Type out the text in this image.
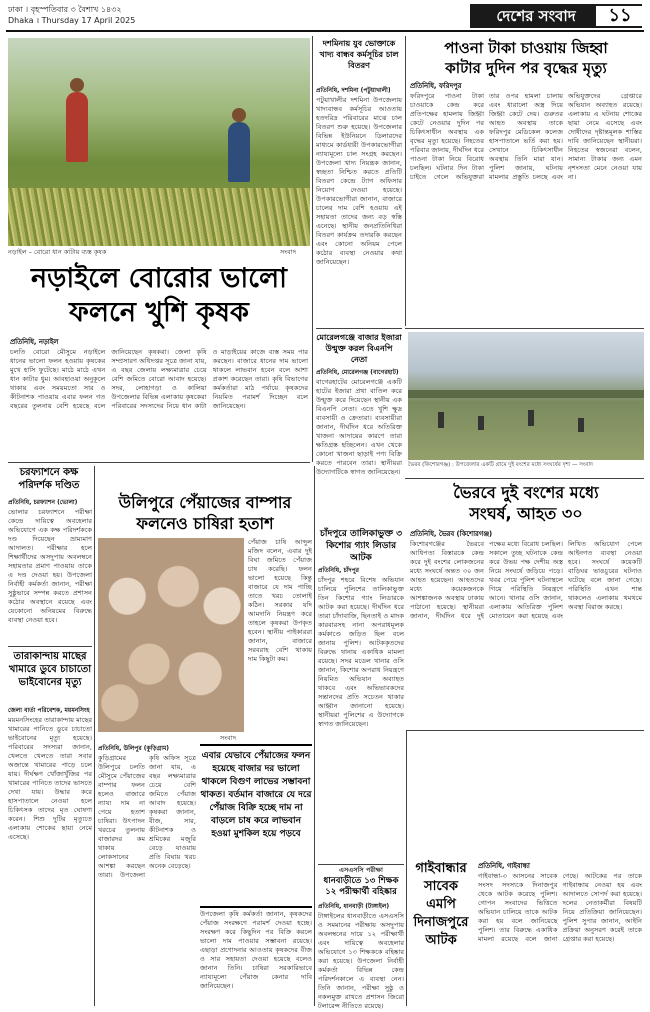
ঢাকা । বৃহস্পতিবার ৩ বৈশাখ ১৪৩২
Dhaka । Thursday 17 April 2025	দেশের সংবাদ	১১
নড়াইল – বোরো ধান কাটায় ব্যস্ত কৃষক	সংবাদ
নড়াইলে বোরোর ভালো
ফলনে খুশি কৃষক
প্রতিনিধি, নড়াইল
চলতি বোরো মৌসুমে নড়াইলে ধানের ভালো ফলন হওয়ায় কৃষকের মুখে হাসি ফুটেছে। মাঠে মাঠে এখন ধান কাটার ধুম। আবহাওয়া অনুকূলে থাকায় এবং সময়মতো সার ও কীটনাশক পাওয়ায় এবার ফলন গত বছরের তুলনায় বেশি হয়েছে বলে জানিয়েছেন কৃষকরা। জেলা কৃষি সম্প্রসারণ অধিদপ্তর সূত্রে জানা যায়, এ বছর জেলায় লক্ষ্যমাত্রার চেয়ে বেশি জমিতে বোরো আবাদ হয়েছে। সদর, লোহাগড়া ও কালিয়া উপজেলার বিভিন্ন এলাকায় কৃষকেরা পরিবারের সদস্যদের নিয়ে ধান কাটা ও মাড়াইয়ের কাজে ব্যস্ত সময় পার করছেন। বাজারে ধানের দাম ভালো থাকলে লাভবান হবেন বলে আশা প্রকাশ করেছেন তারা। কৃষি বিভাগের কর্মকর্তারা মাঠ পর্যায়ে কৃষকদের নিয়মিত পরামর্শ দিচ্ছেন বলে জানিয়েছেন।
দশমিনায় যুব ভোক্তাকে খাদ্য বান্ধব কর্মসূচির চাল বিতরণ
প্রতিনিধি, দশমিনা (পটুয়াখালী)
পটুয়াখালীর দশমিনা উপজেলায় খাদ্যবান্ধব কর্মসূচির আওতায় হতদরিদ্র পরিবারের মাঝে চাল বিতরণ শুরু হয়েছে। উপজেলার বিভিন্ন ইউনিয়নে ডিলারদের মাধ্যমে কার্ডধারী উপকারভোগীরা ন্যায্যমূল্যে চাল সংগ্রহ করছেন। উপজেলা খাদ্য নিয়ন্ত্রক জানান, স্বচ্ছতা নিশ্চিত করতে প্রতিটি বিতরণ কেন্দ্রে ট্যাগ অফিসার নিয়োগ দেওয়া হয়েছে। উপকারভোগীরা জানান, বাজারে চালের দাম বেশি হওয়ায় এই সহায়তা তাদের জন্য বড় স্বস্তি এনেছে। স্থানীয় জনপ্রতিনিধিরা বিতরণ কার্যক্রম তদারকি করছেন এবং কোনো অনিয়ম পেলে কঠোর ব্যবস্থা নেওয়ার কথা জানিয়েছেন।
পাওনা টাকা চাওয়ায় জিহ্বা
কাটার দুদিন পর বৃদ্ধের মৃত্যু
প্রতিনিধি, ফরিদপুর
ফরিদপুরে পাওনা টাকা চাওয়াকে কেন্দ্র করে প্রতিপক্ষের হামলায় জিহ্বা কেটে নেওয়ার দুদিন পর চিকিৎসাধীন অবস্থায় এক বৃদ্ধের মৃত্যু হয়েছে। নিহতের পরিবার জানায়, দীর্ঘদিন ধরে পাওনা টাকা নিয়ে বিরোধ চলছিল। ঘটনার দিন টাকা চাইতে গেলে অভিযুক্তরা তার ওপর হামলা চালায় এবং ধারালো অস্ত্র দিয়ে জিহ্বা কেটে দেয়। গুরুতর আহত অবস্থায় তাকে ফরিদপুর মেডিকেল কলেজ হাসপাতালে ভর্তি করা হয়। সেখানে চিকিৎসাধীন অবস্থায় তিনি মারা যান। পুলিশ জানায়, ঘটনায় মামলার প্রস্তুতি চলছে এবং অভিযুক্তদের গ্রেপ্তারে অভিযান অব্যাহত রয়েছে। এলাকায় এ ঘটনায় শোকের ছায়া নেমে এসেছে এবং দোষীদের দৃষ্টান্তমূলক শাস্তির দাবি জানিয়েছেন স্থানীয়রা। নিহতের স্বজনেরা বলেন, সামান্য টাকার জন্য এমন নৃশংসতা মেনে নেওয়া যায় না।
মোরেলগঞ্জে বাজার ইজারা উন্মুক্ত করল বিএনপি নেতা
প্রতিনিধি, মোরেলগঞ্জ (বাগেরহাট)
বাগেরহাটের মোরেলগঞ্জে একটি হাটের ইজারা প্রথা বাতিল করে উন্মুক্ত করে দিয়েছেন স্থানীয় এক বিএনপি নেতা। এতে খুশি ক্ষুদ্র ব্যবসায়ী ও ক্রেতারা। ব্যবসায়ীরা জানান, দীর্ঘদিন ধরে অতিরিক্ত খাজনা আদায়ের কারণে তারা ক্ষতিগ্রস্ত হচ্ছিলেন। এখন থেকে কোনো খাজনা ছাড়াই পণ্য বিক্রি করতে পারবেন তারা। স্থানীয়রা উদ্যোগটিকে স্বাগত জানিয়েছেন।
ভৈরব (কিশোরগঞ্জ) : উপজেলার একটি গ্রামে দুই বংশের মধ্যে সংঘর্ষের দৃশ্য — সংবাদ
ভৈরবে দুই বংশের মধ্যে
সংঘর্ষ, আহত ৩০
প্রতিনিধি, ভৈরব (কিশোরগঞ্জ)
কিশোরগঞ্জের ভৈরবে আধিপত্য বিস্তারকে কেন্দ্র করে দুই বংশের লোকজনের মধ্যে সংঘর্ষে অন্তত ৩০ জন আহত হয়েছেন। আহতদের মধ্যে কয়েকজনকে আশঙ্কাজনক অবস্থায় ঢাকায় পাঠানো হয়েছে। স্থানীয়রা জানান, দীর্ঘদিন ধরে দুই পক্ষের মধ্যে বিরোধ চলছিল। সকালে তুচ্ছ ঘটনাকে কেন্দ্র করে উভয় পক্ষ দেশীয় অস্ত্র নিয়ে সংঘর্ষে জড়িয়ে পড়ে। খবর পেয়ে পুলিশ ঘটনাস্থলে গিয়ে পরিস্থিতি নিয়ন্ত্রণে আনে। থানার ওসি জানান, এলাকায় অতিরিক্ত পুলিশ মোতায়েন করা হয়েছে এবং লিখিত অভিযোগ পেলে আইনগত ব্যবস্থা নেওয়া হবে। সংঘর্ষে কয়েকটি বাড়িঘর ভাঙচুরের ঘটনাও ঘটেছে বলে জানা গেছে। পরিস্থিতি এখন শান্ত থাকলেও এলাকায় থমথমে অবস্থা বিরাজ করছে।
চরফ্যাশনে কক্ষ পরিদর্শক দণ্ডিত
প্রতিনিধি, চরফ্যাশন (ভোলা)
ভোলার চরফ্যাশনে পরীক্ষা কেন্দ্রে দায়িত্বে অবহেলার অভিযোগে এক কক্ষ পরিদর্শককে দণ্ড দিয়েছেন ভ্রাম্যমাণ আদালত। পরীক্ষার হলে শিক্ষার্থীদের অসদুপায় অবলম্বনে সহায়তার প্রমাণ পাওয়ায় তাকে এ দণ্ড দেওয়া হয়। উপজেলা নির্বাহী কর্মকর্তা জানান, পরীক্ষা সুষ্ঠুভাবে সম্পন্ন করতে প্রশাসন কঠোর অবস্থানে রয়েছে এবং যেকোনো অনিয়মের বিরুদ্ধে ব্যবস্থা নেওয়া হবে।
উলিপুরে পেঁয়াজের বাম্পার
ফলনেও চাষিরা হতাশ
সংবাদ
পেঁয়াজ চাষি আব্দুল মজিদ বলেন, এবার দুই বিঘা জমিতে পেঁয়াজ চাষ করেছি। ফলন ভালো হয়েছে কিন্তু বাজারে যে দাম পাচ্ছি তাতে খরচ তোলাই কঠিন। সরকার যদি আমদানি নিয়ন্ত্রণ করে তাহলে কৃষকরা উপকৃত হবেন। স্থানীয় পাইকাররা জানান, বাজারে সরবরাহ বেশি থাকায় দাম কিছুটা কম।
প্রতিনিধি, উলিপুর (কুড়িগ্রাম)
কুড়িগ্রামের উলিপুরে চলতি মৌসুমে পেঁয়াজের বাম্পার ফলন হলেও বাজারে ন্যায্য দাম না পেয়ে হতাশ চাষিরা। উৎপাদন খরচের তুলনায় বাজারদর কম থাকায় লোকসানের আশঙ্কা করছেন তারা। উপজেলা কৃষি অফিস সূত্রে জানা যায়, এ বছর লক্ষ্যমাত্রার চেয়ে বেশি জমিতে পেঁয়াজ আবাদ হয়েছে। কৃষকরা জানান, বীজ, সার, কীটনাশক ও শ্রমিকের মজুরি বেড়ে যাওয়ায় প্রতি বিঘায় খরচ অনেক বেড়েছে।
এবার যেভাবে পেঁয়াজের ফলন হয়েছে বাজার দর ভালো থাকলে বিগুণ লাভের সম্ভাবনা থাকত। বর্তমান বাজারে যে দরে পেঁয়াজ বিক্রি হচ্ছে দাম না বাড়লে চাষ করে লাভবান হওয়া মুশকিল হয়ে পড়বে
উপজেলা কৃষি কর্মকর্তা জানান, কৃষকদের পেঁয়াজ সংরক্ষণে পরামর্শ দেওয়া হচ্ছে। সংরক্ষণ করে কিছুদিন পর বিক্রি করলে ভালো দাম পাওয়ার সম্ভাবনা রয়েছে। এছাড়া প্রণোদনার আওতায় কৃষকদের বীজ ও সার সহায়তা দেওয়া হয়েছে বলেও জানান তিনি। চাষিরা সরকারিভাবে ন্যায্যমূল্যে পেঁয়াজ কেনার দাবি জানিয়েছেন।
তারাকান্দায় মাছের খামারে ডুবে চাচাতো ভাইবোনের মৃত্যু
জেলা বার্তা পরিবেশক, ময়মনসিংহ
ময়মনসিংহের তারাকান্দায় মাছের খামারের পানিতে ডুবে চাচাতো ভাইবোনের মৃত্যু হয়েছে। পরিবারের সদস্যরা জানান, খেলতে খেলতে তারা সবার অজান্তে খামারের পাড়ে চলে যায়। দীর্ঘক্ষণ খোঁজাখুঁজির পর খামারের পানিতে তাদের ভাসতে দেখা যায়। উদ্ধার করে হাসপাতালে নেওয়া হলে চিকিৎসক তাদের মৃত ঘোষণা করেন। শিশু দুটির মৃত্যুতে এলাকায় শোকের ছায়া নেমে এসেছে।
চাঁদপুরে তালিকাভুক্ত ৩ কিশোর গ্যাং লিডার আটক
প্রতিনিধি, চাঁদপুর
চাঁদপুর শহরে বিশেষ অভিযান চালিয়ে পুলিশের তালিকাভুক্ত তিন কিশোর গ্যাং লিডারকে আটক করা হয়েছে। দীর্ঘদিন ধরে তারা চাঁদাবাজি, ছিনতাই ও মাদক কারবারসহ নানা অপরাধমূলক কর্মকাণ্ডে জড়িত ছিল বলে জানায় পুলিশ। আটককৃতদের বিরুদ্ধে থানায় একাধিক মামলা রয়েছে। সদর মডেল থানার ওসি জানান, কিশোর অপরাধ নিয়ন্ত্রণে নিয়মিত অভিযান অব্যাহত থাকবে এবং অভিভাবকদের সন্তানদের প্রতি সচেতন থাকার আহ্বান জানানো হয়েছে। স্থানীয়রা পুলিশের এ উদ্যোগকে স্বাগত জানিয়েছেন।
এসএসসি পরীক্ষা
ধানবাড়ীতে ১৩ শিক্ষক ১২ পরীক্ষার্থী বহিষ্কার
প্রতিনিধি, ধানবাড়ী (টাঙ্গাইল)
টাঙ্গাইলের ধানবাড়ীতে এসএসসি ও সমমানের পরীক্ষায় অসদুপায় অবলম্বনের দায়ে ১২ পরীক্ষার্থী এবং দায়িত্বে অবহেলার অভিযোগে ১৩ শিক্ষককে বহিষ্কার করা হয়েছে। উপজেলা নির্বাহী কর্মকর্তা বিভিন্ন কেন্দ্র পরিদর্শনকালে এ ব্যবস্থা নেন। তিনি জানান, পরীক্ষা সুষ্ঠু ও নকলমুক্ত রাখতে প্রশাসন জিরো টলারেন্স নীতিতে রয়েছে।
গাইবান্ধার সাবেক এমপি দিনাজপুরে আটক
প্রতিনিধি, গাইবান্ধা
গাইবান্ধা-৩ আসনের সাবেক সংসদ সদস্যকে দিনাজপুর থেকে আটক করেছে পুলিশ। গোপন সংবাদের ভিত্তিতে অভিযান চালিয়ে তাকে আটক করা হয় বলে জানিয়েছে পুলিশ। তার বিরুদ্ধে একাধিক মামলা রয়েছে বলে জানা গেছে। আটকের পর তাকে গাইবান্ধায় নেওয়া হয় এবং আদালতে সোপর্দ করা হয়েছে। দলের নেতাকর্মীরা বিষয়টি নিয়ে প্রতিক্রিয়া জানিয়েছেন। পুলিশ সুপার জানান, আইনি প্রক্রিয়া অনুসরণ করেই তাকে গ্রেপ্তার করা হয়েছে।
